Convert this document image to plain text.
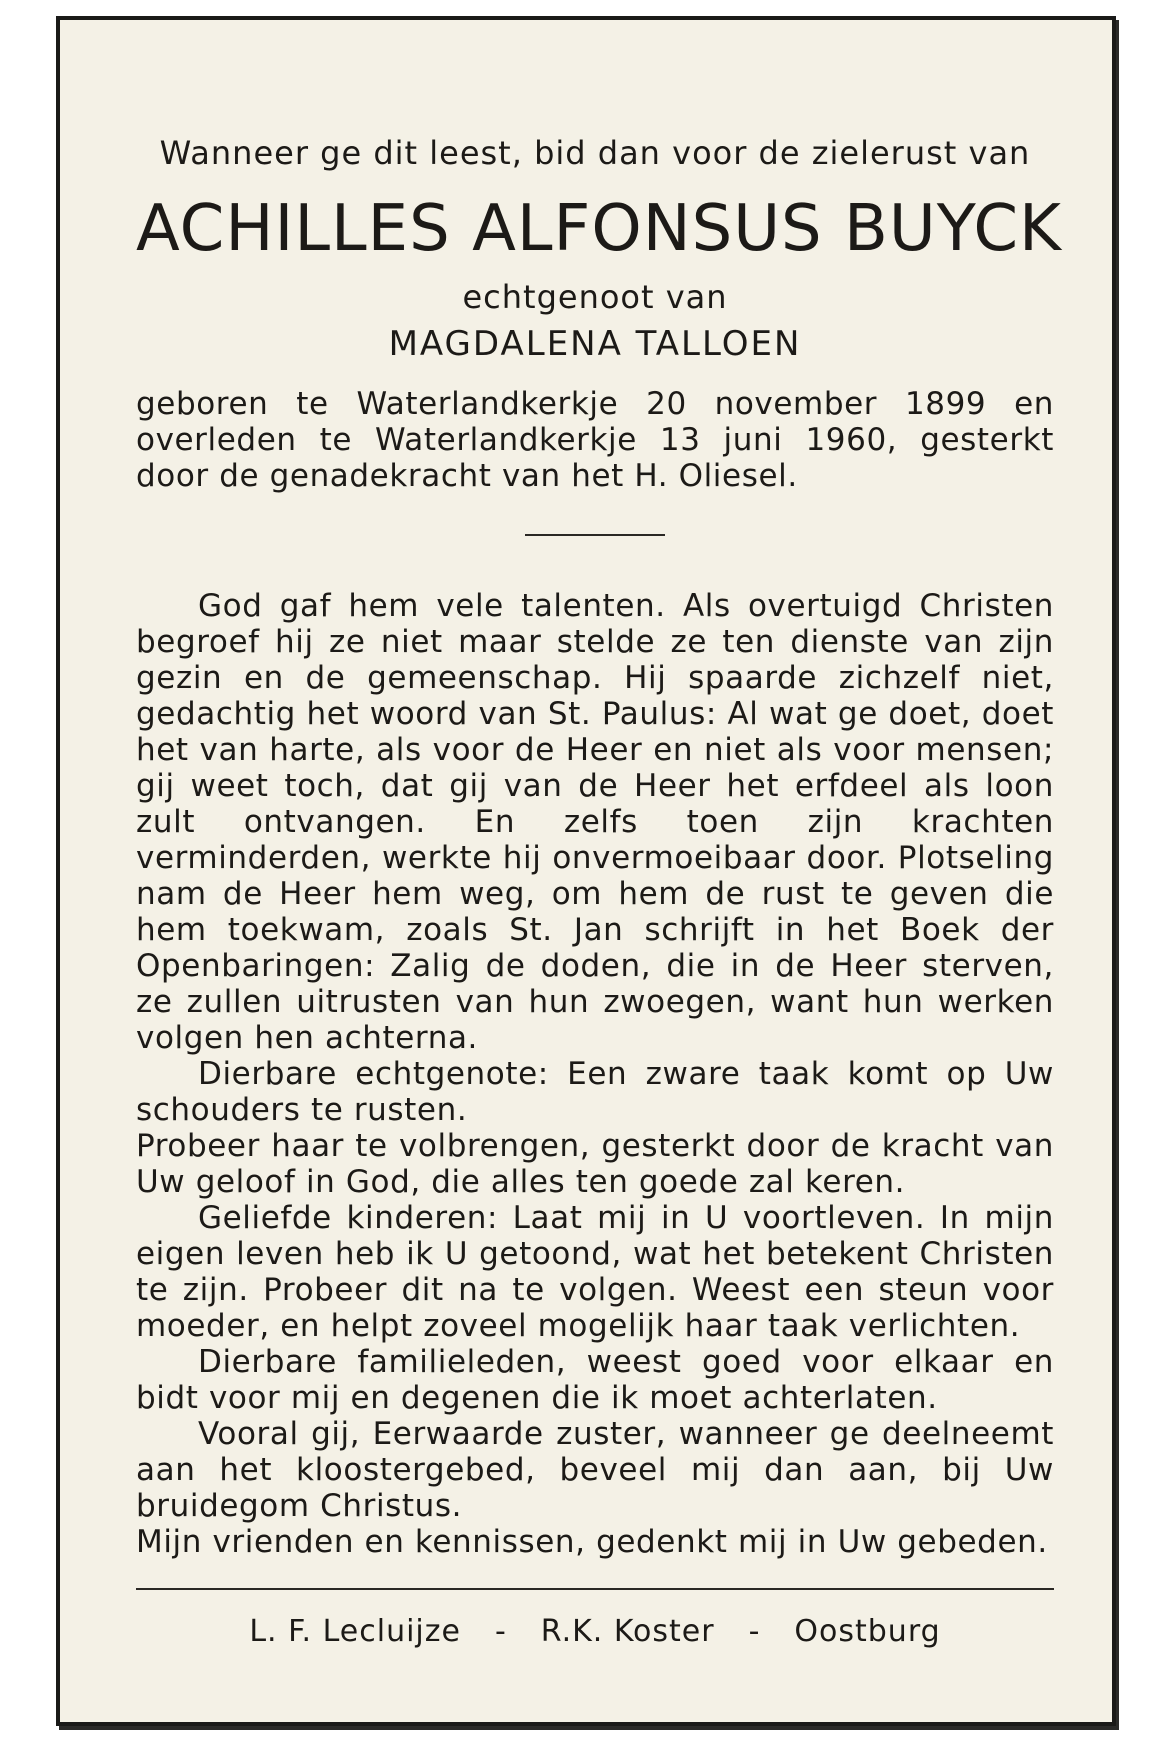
Wanneer ge dit leest, bid dan voor de zielerust van

ACHILLES ALFONSUS BUYCK

echtgenoot van

MAGDALENA TALLOEN

geboren te Waterlandkerkje 20 november 1899 en overleden te Waterlandkerkje 13 juni 1960, gesterkt door de genadekracht van het H. Oliesel.

God gaf hem vele talenten. Als overtuigd Christen begroef hij ze niet maar stelde ze ten dienste van zijn gezin en de gemeenschap. Hij spaarde zichzelf niet, gedachtig het woord van St. Paulus: Al wat ge doet, doet het van harte, als voor de Heer en niet als voor mensen; gij weet toch, dat gij van de Heer het erfdeel als loon zult ontvangen. En zelfs toen zijn krachten verminderden, werkte hij onvermoeibaar door. Plotseling nam de Heer hem weg, om hem de rust te geven die hem toekwam, zoals St. Jan schrijft in het Boek der Openbaringen: Zalig de doden, die in de Heer sterven, ze zullen uitrusten van hun zwoegen, want hun werken volgen hen achterna.

Dierbare echtgenote: Een zware taak komt op Uw schouders te rusten.

Probeer haar te volbrengen, gesterkt door de kracht van Uw geloof in God, die alles ten goede zal keren.

Geliefde kinderen: Laat mij in U voortleven. In mijn eigen leven heb ik U getoond, wat het betekent Christen te zijn. Probeer dit na te volgen. Weest een steun voor moeder, en helpt zoveel mogelijk haar taak verlichten.

Dierbare familieleden, weest goed voor elkaar en bidt voor mij en degenen die ik moet achterlaten.

Vooral gij, Eerwaarde zuster, wanneer ge deelneemt aan het kloostergebed, beveel mij dan aan, bij Uw bruidegom Christus.

Mijn vrienden en kennissen, gedenkt mij in Uw gebeden.

L. F. Lecluijze - R.K. Koster - Oostburg
